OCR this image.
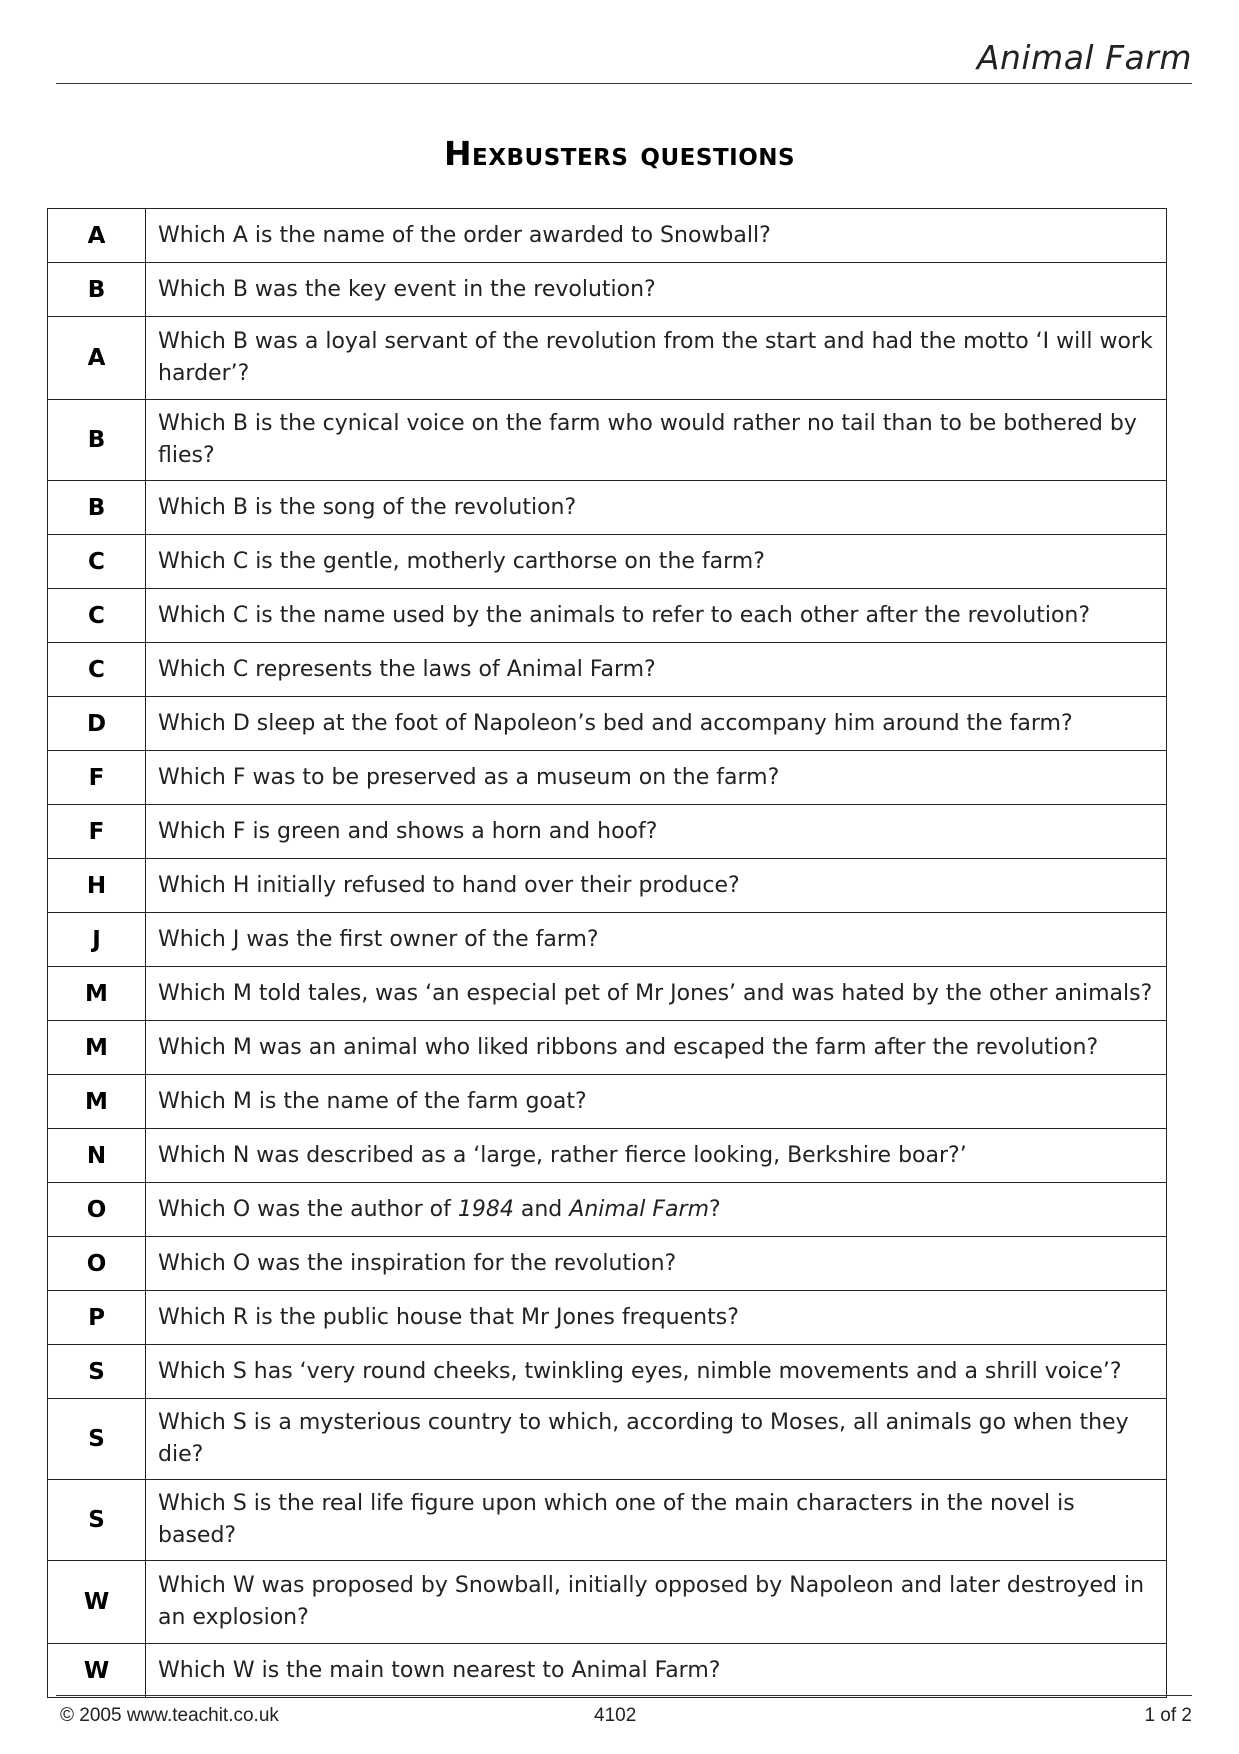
Animal Farm
Hexbusters questions
A	Which A is the name of the order awarded to Snowball?
B	Which B was the key event in the revolution?
A	Which B was a loyal servant of the revolution from the start and had the motto ‘I will work harder’?
B	Which B is the cynical voice on the farm who would rather no tail than to be bothered by flies?
B	Which B is the song of the revolution?
C	Which C is the gentle, motherly carthorse on the farm?
C	Which C is the name used by the animals to refer to each other after the revolution?
C	Which C represents the laws of Animal Farm?
D	Which D sleep at the foot of Napoleon’s bed and accompany him around the farm?
F	Which F was to be preserved as a museum on the farm?
F	Which F is green and shows a horn and hoof?
H	Which H initially refused to hand over their produce?
J	Which J was the first owner of the farm?
M	Which M told tales, was ‘an especial pet of Mr Jones’ and was hated by the other animals?
M	Which M was an animal who liked ribbons and escaped the farm after the revolution?
M	Which M is the name of the farm goat?
N	Which N was described as a ‘large, rather fierce looking, Berkshire boar?’
O	Which O was the author of 1984 and Animal Farm?
O	Which O was the inspiration for the revolution?
P	Which R is the public house that Mr Jones frequents?
S	Which S has ‘very round cheeks, twinkling eyes, nimble movements and a shrill voice’?
S	Which S is a mysterious country to which, according to Moses, all animals go when they die?
S	Which S is the real life figure upon which one of the main characters in the novel is based?
W	Which W was proposed by Snowball, initially opposed by Napoleon and later destroyed in an explosion?
W	Which W is the main town nearest to Animal Farm?
© 2005 www.teachit.co.uk	4102	1 of 2
